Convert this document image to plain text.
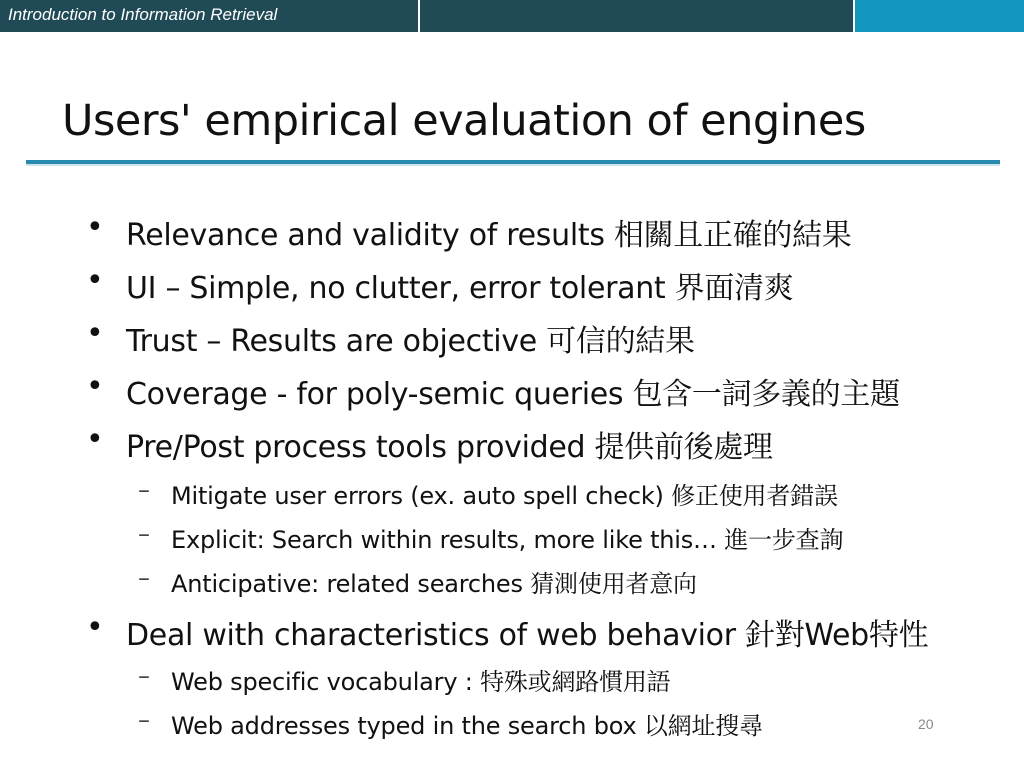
Introduction to Information Retrieval
Users' empirical evaluation of engines
• Relevance and validity of results 相關且正確的結果
• UI – Simple, no clutter, error tolerant 界面清爽
• Trust – Results are objective 可信的結果
• Coverage - for poly-semic queries 包含一詞多義的主題
• Pre/Post process tools provided 提供前後處理
– Mitigate user errors (ex. auto spell check) 修正使用者錯誤
– Explicit: Search within results, more like this… 進一步查詢
– Anticipative: related searches 猜測使用者意向
• Deal with characteristics of web behavior 針對Web特性
– Web specific vocabulary : 特殊或網路慣用語
– Web addresses typed in the search box 以網址搜尋	20
